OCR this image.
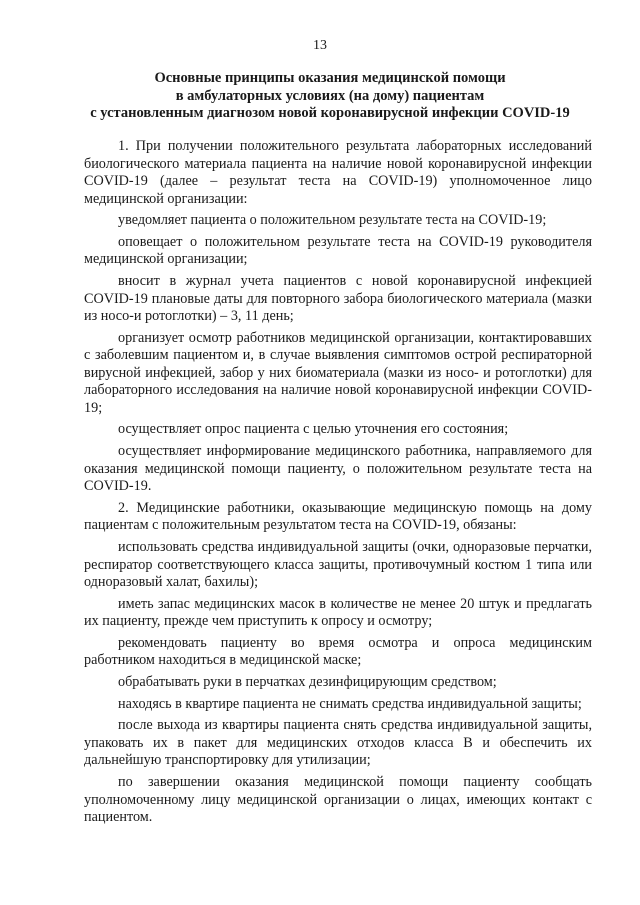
13
Основные принципы оказания медицинской помощи
в амбулаторных условиях (на дому) пациентам
с установленным диагнозом новой коронавирусной инфекции COVID-19

1. При получении положительного результата лабораторных исследований биологического материала пациента на наличие новой коронавирусной инфекции COVID-19 (далее – результат теста на COVID-19) уполномоченное лицо медицинской организации:

уведомляет пациента о положительном результате теста на COVID-19;

оповещает о положительном результате теста на COVID-19 руководителя медицинской организации;

вносит в журнал учета пациентов с новой коронавирусной инфекцией COVID-19 плановые даты для повторного забора биологического материала (мазки из носо-и ротоглотки) – 3, 11 день;

организует осмотр работников медицинской организации, контактировавших с заболевшим пациентом и, в случае выявления симптомов острой респираторной вирусной инфекцией, забор у них биоматериала (мазки из носо- и ротоглотки) для лабораторного исследования на наличие новой коронавирусной инфекции COVID-19;

осуществляет опрос пациента с целью уточнения его состояния;

осуществляет информирование медицинского работника, направляемого для оказания медицинской помощи пациенту, о положительном результате теста на COVID-19.

2. Медицинские работники, оказывающие медицинскую помощь на дому пациентам с положительным результатом теста на COVID-19, обязаны:

использовать средства индивидуальной защиты (очки, одноразовые перчатки, респиратор соответствующего класса защиты, противочумный костюм 1 типа или одноразовый халат, бахилы);

иметь запас медицинских масок в количестве не менее 20 штук и предлагать их пациенту, прежде чем приступить к опросу и осмотру;

рекомендовать пациенту во время осмотра и опроса медицинским работником находиться в медицинской маске;

обрабатывать руки в перчатках дезинфицирующим средством;

находясь в квартире пациента не снимать средства индивидуальной защиты;

после выхода из квартиры пациента снять средства индивидуальной защиты, упаковать их в пакет для медицинских отходов класса В и обеспечить их дальнейшую транспортировку для утилизации;

по завершении оказания медицинской помощи пациенту сообщать уполномоченному лицу медицинской организации о лицах, имеющих контакт с пациентом.
